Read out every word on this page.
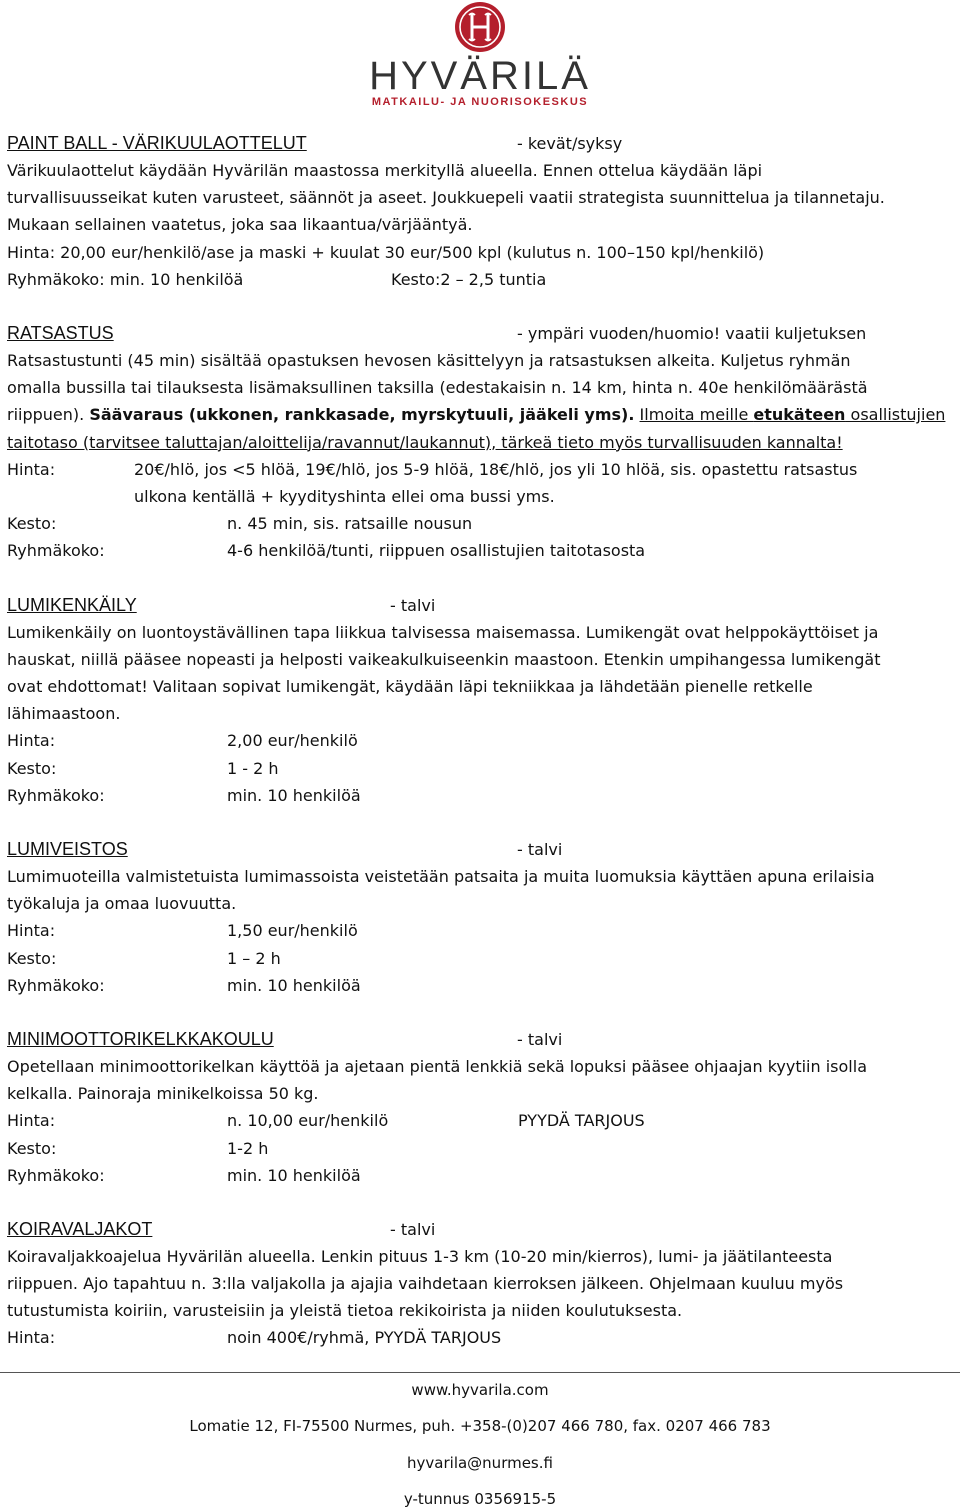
HYVÄRILÄ
MATKAILU- JA NUORISOKESKUS
PAINT BALL - VÄRIKUULAOTTELUT	- kevät/syksy
Värikuulaottelut käydään Hyvärilän maastossa merkityllä alueella. Ennen ottelua käydään läpi
turvallisuusseikat kuten varusteet, säännöt ja aseet. Joukkuepeli vaatii strategista suunnittelua ja tilannetaju.
Mukaan sellainen vaatetus, joka saa likaantua/värjääntyä.
Hinta: 20,00 eur/henkilö/ase ja maski + kuulat 30 eur/500 kpl (kulutus n. 100–150 kpl/henkilö)
Ryhmäkoko: min. 10 henkilöä	Kesto:2 – 2,5 tuntia
RATSASTUS	- ympäri vuoden/huomio! vaatii kuljetuksen
Ratsastustunti (45 min) sisältää opastuksen hevosen käsittelyyn ja ratsastuksen alkeita. Kuljetus ryhmän
omalla bussilla tai tilauksesta lisämaksullinen taksilla (edestakaisin n. 14 km, hinta n. 40e henkilömäärästä
riippuen). Säävaraus (ukkonen, rankkasade, myrskytuuli, jääkeli yms). Ilmoita meille etukäteen osallistujien
taitotaso (tarvitsee taluttajan/aloittelija/ravannut/laukannut), tärkeä tieto myös turvallisuuden kannalta!
Hinta:	20€/hlö, jos <5 hlöä, 19€/hlö, jos 5-9 hlöä, 18€/hlö, jos yli 10 hlöä, sis. opastettu ratsastus
ulkona kentällä + kyydityshinta ellei oma bussi yms.
Kesto:	n. 45 min, sis. ratsaille nousun
Ryhmäkoko:	4-6 henkilöä/tunti, riippuen osallistujien taitotasosta
LUMIKENKÄILY	- talvi
Lumikenkäily on luontoystävällinen tapa liikkua talvisessa maisemassa. Lumikengät ovat helppokäyttöiset ja
hauskat, niillä pääsee nopeasti ja helposti vaikeakulkuiseenkin maastoon. Etenkin umpihangessa lumikengät
ovat ehdottomat! Valitaan sopivat lumikengät, käydään läpi tekniikkaa ja lähdetään pienelle retkelle
lähimaastoon.
Hinta:	2,00 eur/henkilö
Kesto:	1 - 2 h
Ryhmäkoko:	min. 10 henkilöä
LUMIVEISTOS	- talvi
Lumimuoteilla valmistetuista lumimassoista veistetään patsaita ja muita luomuksia käyttäen apuna erilaisia
työkaluja ja omaa luovuutta.
Hinta:	1,50 eur/henkilö
Kesto:	1 – 2 h
Ryhmäkoko:	min. 10 henkilöä
MINIMOOTTORIKELKKAKOULU	- talvi
Opetellaan minimoottorikelkan käyttöä ja ajetaan pientä lenkkiä sekä lopuksi pääsee ohjaajan kyytiin isolla
kelkalla. Painoraja minikelkoissa 50 kg.
Hinta:	n. 10,00 eur/henkilö	PYYDÄ TARJOUS
Kesto:	1-2 h
Ryhmäkoko:	min. 10 henkilöä
KOIRAVALJAKOT	- talvi
Koiravaljakkoajelua Hyvärilän alueella. Lenkin pituus 1-3 km (10-20 min/kierros), lumi- ja jäätilanteesta
riippuen. Ajo tapahtuu n. 3:lla valjakolla ja ajajia vaihdetaan kierroksen jälkeen. Ohjelmaan kuuluu myös
tutustumista koiriin, varusteisiin ja yleistä tietoa rekikoirista ja niiden koulutuksesta.
Hinta:	noin 400€/ryhmä, PYYDÄ TARJOUS
www.hyvarila.com
Lomatie 12, FI-75500 Nurmes, puh. +358-(0)207 466 780, fax. 0207 466 783
hyvarila@nurmes.fi
y-tunnus 0356915-5
